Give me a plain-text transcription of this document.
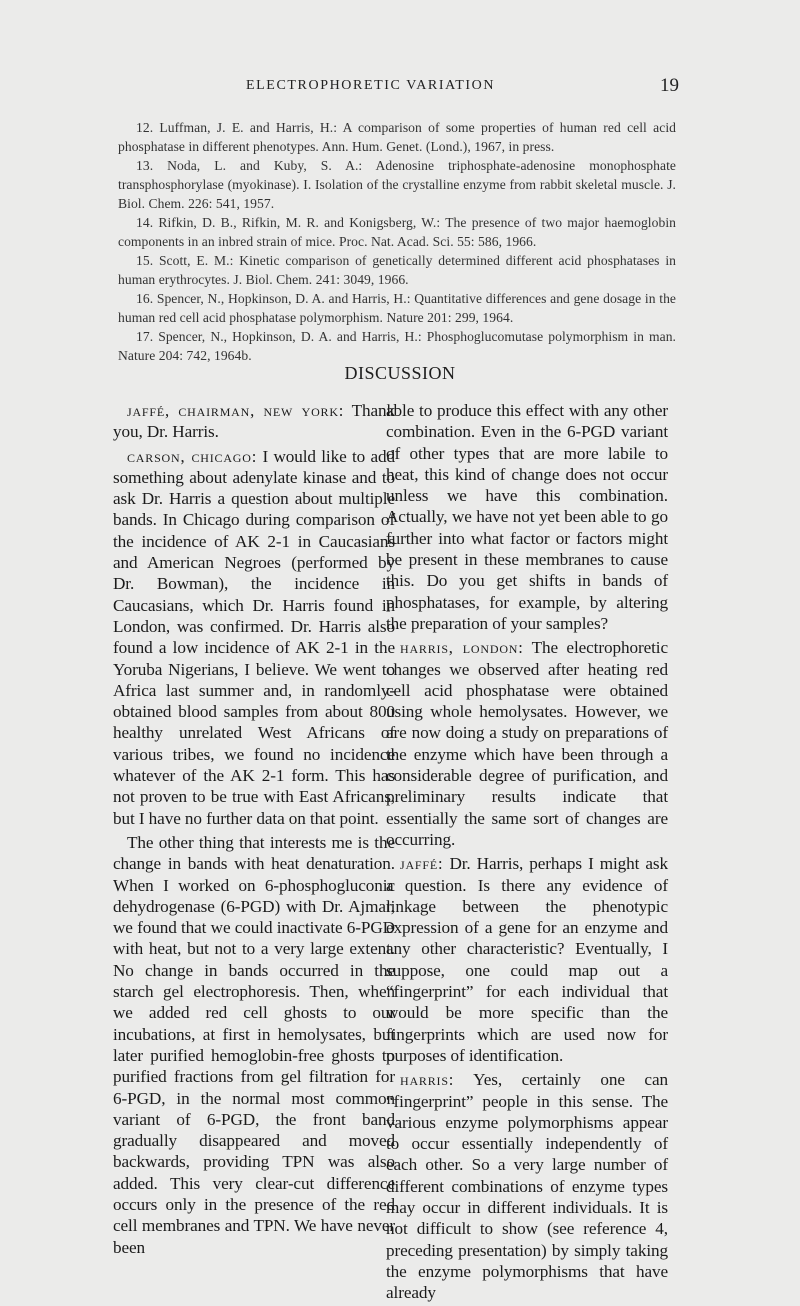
ELECTROPHORETIC VARIATION	19

12. Luffman, J. E. and Harris, H.: A comparison of some properties of human red cell acid phosphatase in different phenotypes. Ann. Hum. Genet. (Lond.), 1967, in press.

13. Noda, L. and Kuby, S. A.: Adenosine triphosphate-adenosine monophosphate transphosphorylase (myokinase). I. Isolation of the crystalline enzyme from rabbit skeletal muscle. J. Biol. Chem. 226: 541, 1957.

14. Rifkin, D. B., Rifkin, M. R. and Konigsberg, W.: The presence of two major haemoglobin components in an inbred strain of mice. Proc. Nat. Acad. Sci. 55: 586, 1966.

15. Scott, E. M.: Kinetic comparison of genetically determined different acid phosphatases in human erythrocytes. J. Biol. Chem. 241: 3049, 1966.

16. Spencer, N., Hopkinson, D. A. and Harris, H.: Quantitative differences and gene dosage in the human red cell acid phosphatase polymorphism. Nature 201: 299, 1964.

17. Spencer, N., Hopkinson, D. A. and Harris, H.: Phosphoglucomutase polymorphism in man. Nature 204: 742, 1964b.

DISCUSSION

jaffé, chairman, new york: Thank you, Dr. Harris.

carson, chicago: I would like to add something about adenylate kinase and to ask Dr. Harris a question about multiple bands. In Chicago during comparison of the incidence of AK 2-1 in Caucasians and American Negroes (performed by Dr. Bowman), the incidence in Caucasians, which Dr. Harris found in London, was confirmed. Dr. Harris also found a low incidence of AK 2-1 in the Yoruba Nigerians, I believe. We went to Africa last summer and, in randomly-obtained blood samples from about 800 healthy unrelated West Africans of various tribes, we found no incidence whatever of the AK 2-1 form. This has not proven to be true with East Africans, but I have no further data on that point.

The other thing that interests me is the change in bands with heat denaturation. When I worked on 6-phosphogluconic dehydrogenase (6-PGD) with Dr. Ajmar, we found that we could inactivate 6-PGD with heat, but not to a very large extent. No change in bands occurred in the starch gel electrophoresis. Then, when we added red cell ghosts to our incubations, at first in hemolysates, but later purified hemoglobin-free ghosts to purified fractions from gel filtration for 6-PGD, in the normal most common variant of 6-PGD, the front band gradually disappeared and moved backwards, providing TPN was also added. This very clear-cut difference occurs only in the presence of the red cell membranes and TPN. We have never been

able to produce this effect with any other combination. Even in the 6-PGD variant of other types that are more labile to heat, this kind of change does not occur unless we have this combination. Actually, we have not yet been able to go further into what factor or factors might be present in these membranes to cause this. Do you get shifts in bands of phosphatases, for example, by altering the preparation of your samples?

harris, london: The electrophoretic changes we observed after heating red cell acid phosphatase were obtained using whole hemolysates. However, we are now doing a study on preparations of the enzyme which have been through a considerable degree of purification, and preliminary results indicate that essentially the same sort of changes are occurring.

jaffé: Dr. Harris, perhaps I might ask a question. Is there any evidence of linkage between the phenotypic expression of a gene for an enzyme and any other characteristic? Eventually, I suppose, one could map out a “fingerprint” for each individual that would be more specific than the fingerprints which are used now for purposes of identification.

harris: Yes, certainly one can “fingerprint” people in this sense. The various enzyme polymorphisms appear to occur essentially independently of each other. So a very large number of different combinations of enzyme types may occur in different individuals. It is not difficult to show (see reference 4, preceding presentation) by simply taking the enzyme polymorphisms that have already
